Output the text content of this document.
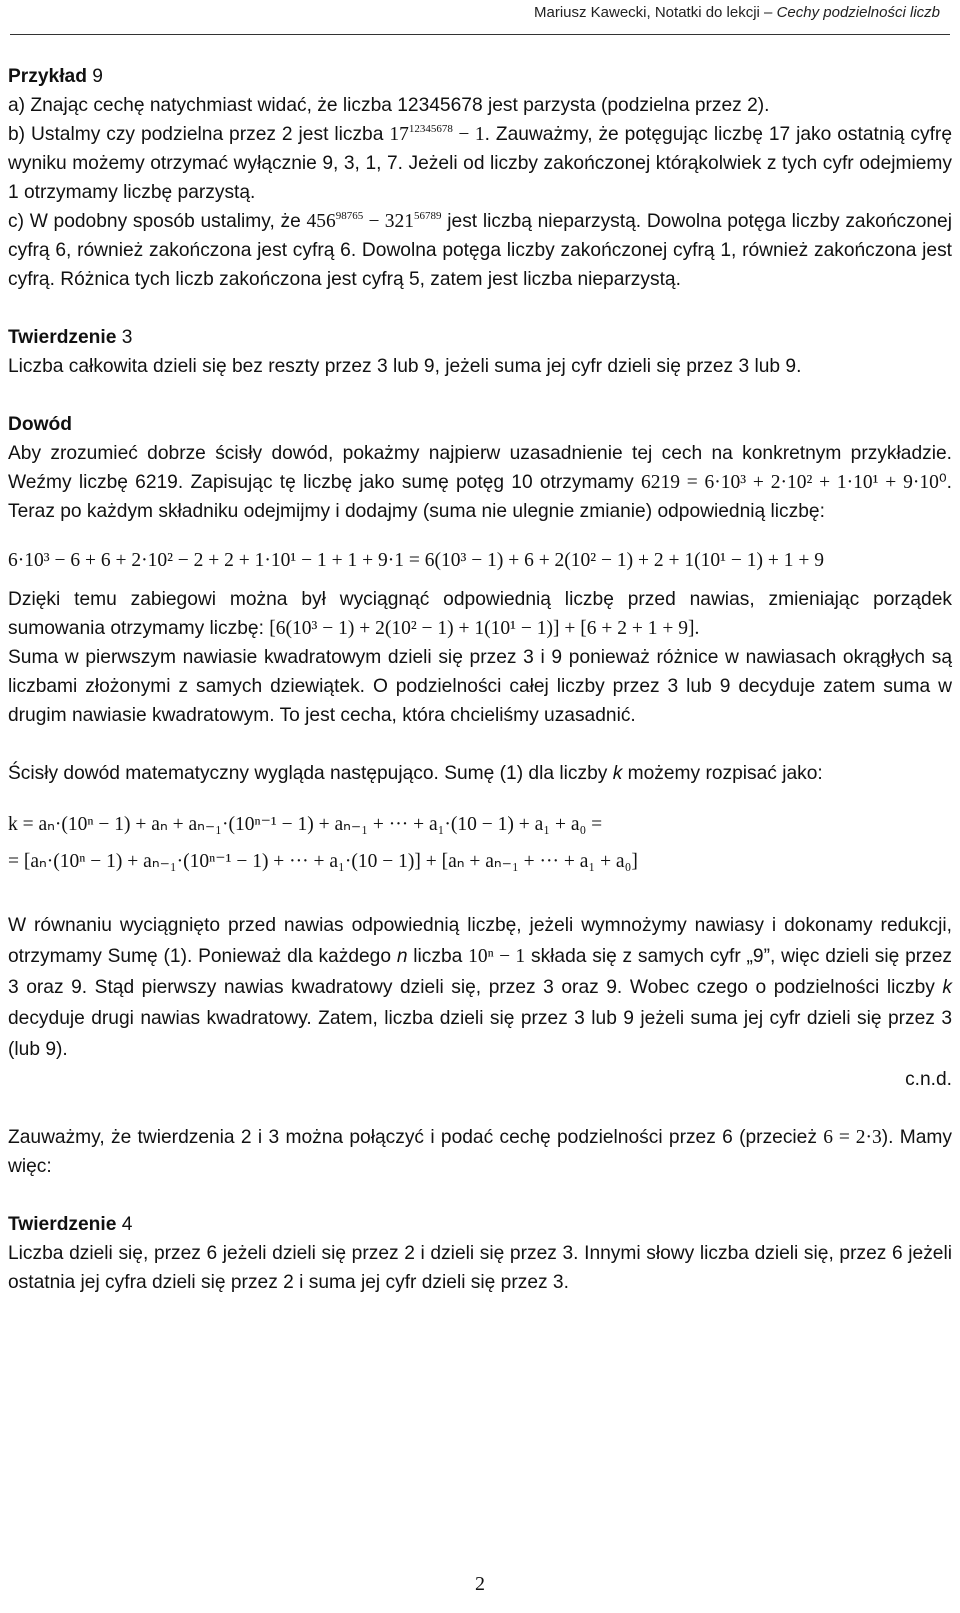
Mariusz Kawecki, Notatki do lekcji – Cechy podzielności liczb

Przykład 9

a) Znając cechę natychmiast widać, że liczba 12345678 jest parzysta (podzielna przez 2).

b) Ustalmy czy podzielna przez 2 jest liczba $17^{12345678} - 1$. Zauważmy, że potęgując liczbę 17 jako ostatnią cyfrę wyniku możemy otrzymać wyłącznie 9, 3, 1, 7. Jeżeli od liczby zakończonej którąkolwiek z tych cyfr odejmiemy 1 otrzymamy liczbę parzystą.

c) W podobny sposób ustalimy, że $456^{98765} - 321^{56789}$ jest liczbą nieparzystą. Dowolna potęga liczby zakończonej cyfrą 6, również zakończona jest cyfrą 6. Dowolna potęga liczby zakończonej cyfrą 1, również zakończona jest cyfrą. Różnica tych liczb zakończona jest cyfrą 5, zatem jest liczba nieparzystą.

Twierdzenie 3

Liczba całkowita dzieli się bez reszty przez 3 lub 9, jeżeli suma jej cyfr dzieli się przez 3 lub 9.

Dowód

Aby zrozumieć dobrze ścisły dowód, pokażmy najpierw uzasadnienie tej cech na konkretnym przykładzie. Weźmy liczbę 6219. Zapisując tę liczbę jako sumę potęg 10 otrzymamy 6219 = 6·10³ + 2·10² + 1·10¹ + 9·10⁰. Teraz po każdym składniku odejmijmy i dodajmy (suma nie ulegnie zmianie) odpowiednią liczbę:

6·10³ − 6 + 6 + 2·10² − 2 + 2 + 1·10¹ − 1 + 1 + 9·1 = 6(10³ − 1) + 6 + 2(10² − 1) + 2 + 1(10¹ − 1) + 1 + 9

Dzięki temu zabiegowi można był wyciągnąć odpowiednią liczbę przed nawias, zmieniając porządek sumowania otrzymamy liczbę: [6(10³ − 1) + 2(10² − 1) + 1(10¹ − 1)] + [6 + 2 + 1 + 9].

Suma w pierwszym nawiasie kwadratowym dzieli się przez 3 i 9 ponieważ różnice w nawiasach okrągłych są liczbami złożonymi z samych dziewiątek. O podzielności całej liczby przez 3 lub 9 decyduje zatem suma w drugim nawiasie kwadratowym. To jest cecha, która chcieliśmy uzasadnić.

Ścisły dowód matematyczny wygląda następująco. Sumę (1) dla liczby k możemy rozpisać jako:

k = aₙ·(10ⁿ − 1) + aₙ + aₙ₋₁·(10ⁿ⁻¹ − 1) + aₙ₋₁ + ··· + a₁·(10 − 1) + a₁ + a₀ =
= [aₙ·(10ⁿ − 1) + aₙ₋₁·(10ⁿ⁻¹ − 1) + ··· + a₁·(10 − 1)] + [aₙ + aₙ₋₁ + ··· + a₁ + a₀]

W równaniu wyciągnięto przed nawias odpowiednią liczbę, jeżeli wymnożymy nawiasy i dokonamy redukcji, otrzymamy Sumę (1). Ponieważ dla każdego n liczba 10ⁿ − 1 składa się z samych cyfr „9”, więc dzieli się przez 3 oraz 9. Stąd pierwszy nawias kwadratowy dzieli się, przez 3 oraz 9. Wobec czego o podzielności liczby k decyduje drugi nawias kwadratowy. Zatem, liczba dzieli się przez 3 lub 9 jeżeli suma jej cyfr dzieli się przez 3 (lub 9).

c.n.d.

Zauważmy, że twierdzenia 2 i 3 można połączyć i podać cechę podzielności przez 6 (przecież 6 = 2·3). Mamy więc:

Twierdzenie 4

Liczba dzieli się, przez 6 jeżeli dzieli się przez 2 i dzieli się przez 3. Innymi słowy liczba dzieli się, przez 6 jeżeli ostatnia jej cyfra dzieli się przez 2 i suma jej cyfr dzieli się przez 3.

2
